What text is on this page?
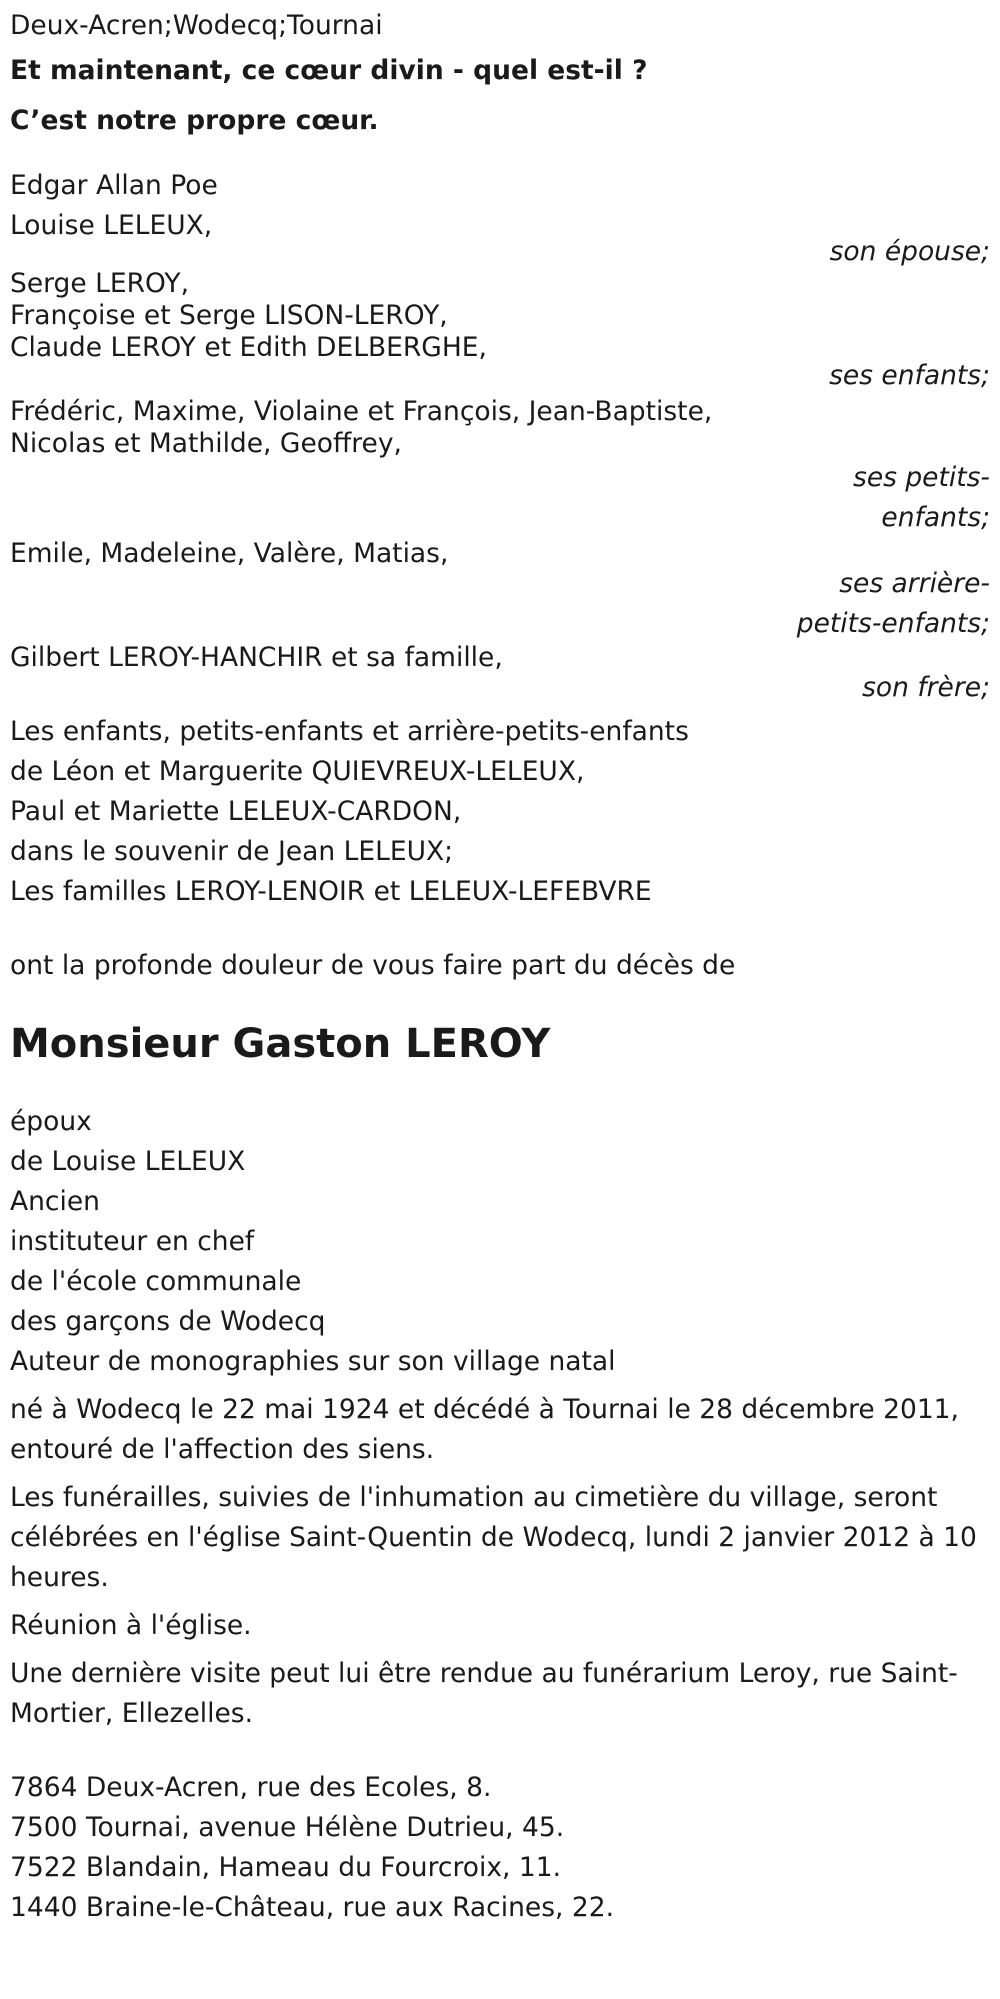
Deux-Acren;Wodecq;Tournai
Et maintenant, ce cœur divin - quel est-il ?
C’est notre propre cœur.
Edgar Allan Poe
Louise LELEUX,
son épouse;
Serge LEROY,
Françoise et Serge LISON-LEROY,
Claude LEROY et Edith DELBERGHE,
ses enfants;
Frédéric, Maxime, Violaine et François, Jean-Baptiste,
Nicolas et Mathilde, Geoffrey,
ses petits-enfants;
Emile, Madeleine, Valère, Matias,
ses arrière-petits-enfants;
Gilbert LEROY-HANCHIR et sa famille,
son frère;
Les enfants, petits-enfants et arrière-petits-enfants
de Léon et Marguerite QUIEVREUX-LELEUX,
Paul et Mariette LELEUX-CARDON,
dans le souvenir de Jean LELEUX;
Les familles LEROY-LENOIR et LELEUX-LEFEBVRE
ont la profonde douleur de vous faire part du décès de
Monsieur Gaston LEROY
époux
de Louise LELEUX
Ancien
instituteur en chef
de l'école communale
des garçons de Wodecq
Auteur de monographies sur son village natal
né à Wodecq le 22 mai 1924 et décédé à Tournai le 28 décembre 2011, entouré de l'affection des siens.
Les funérailles, suivies de l'inhumation au cimetière du village, seront célébrées en l'église Saint-Quentin de Wodecq, lundi 2 janvier 2012 à 10 heures.
Réunion à l'église.
Une dernière visite peut lui être rendue au funérarium Leroy, rue Saint-Mortier, Ellezelles.
7864 Deux-Acren, rue des Ecoles, 8.
7500 Tournai, avenue Hélène Dutrieu, 45.
7522 Blandain, Hameau du Fourcroix, 11.
1440 Braine-le-Château, rue aux Racines, 22.
